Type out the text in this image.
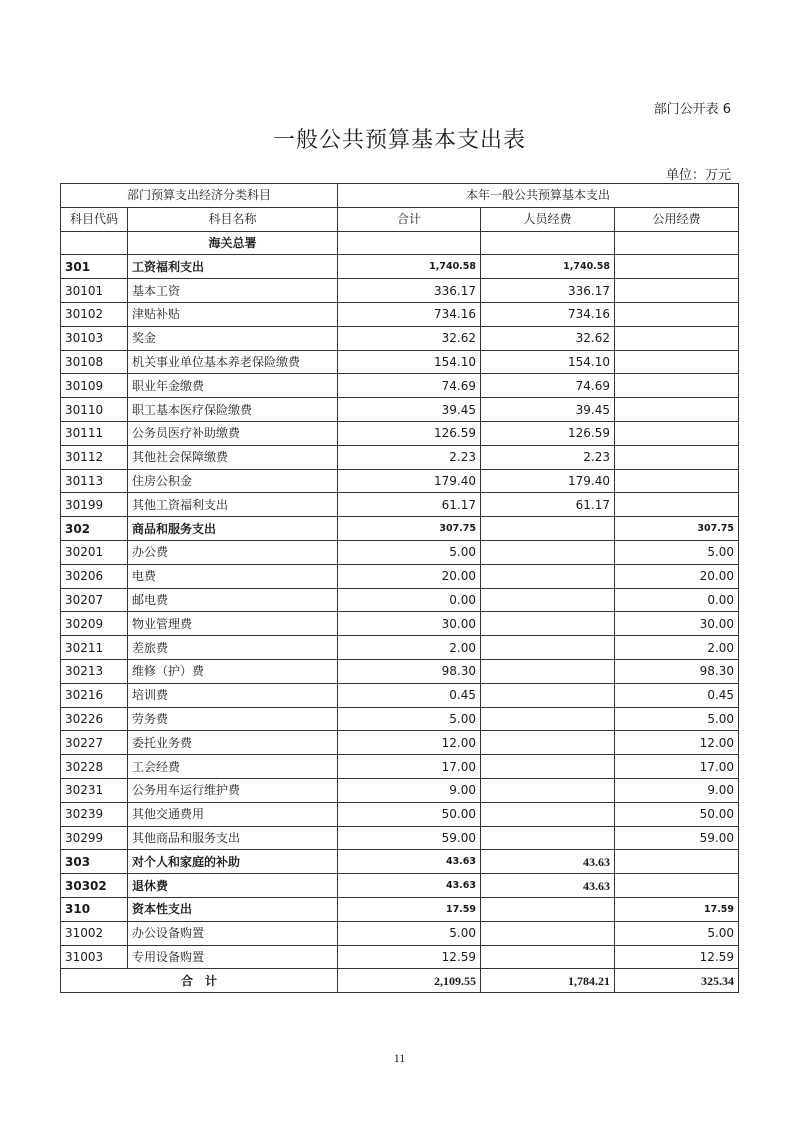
部门公开表 6
一般公共预算基本支出表
单位：万元
部门预算支出经济分类科目		本年一般公共预算基本支出		
科目代码	科目名称	合计	人员经费	公用经费
	海关总署			
301	工资福利支出	1,740.58	1,740.58	
30101	基本工资	336.17	336.17	
30102	津贴补贴	734.16	734.16	
30103	奖金	32.62	32.62	
30108	机关事业单位基本养老保险缴费	154.10	154.10	
30109	职业年金缴费	74.69	74.69	
30110	职工基本医疗保险缴费	39.45	39.45	
30111	公务员医疗补助缴费	126.59	126.59	
30112	其他社会保障缴费	2.23	2.23	
30113	住房公积金	179.40	179.40	
30199	其他工资福利支出	61.17	61.17	
302	商品和服务支出	307.75		307.75
30201	办公费	5.00		5.00
30206	电费	20.00		20.00
30207	邮电费	0.00		0.00
30209	物业管理费	30.00		30.00
30211	差旅费	2.00		2.00
30213	维修（护）费	98.30		98.30
30216	培训费	0.45		0.45
30226	劳务费	5.00		5.00
30227	委托业务费	12.00		12.00
30228	工会经费	17.00		17.00
30231	公务用车运行维护费	9.00		9.00
30239	其他交通费用	50.00		50.00
30299	其他商品和服务支出	59.00		59.00
303	对个人和家庭的补助	43.63	43.63	
30302	退休费	43.63	43.63	
310	资本性支出	17.59		17.59
31002	办公设备购置	5.00		5.00
31003	专用设备购置	12.59		12.59
合　计		2,109.55	1,784.21	325.34
11
